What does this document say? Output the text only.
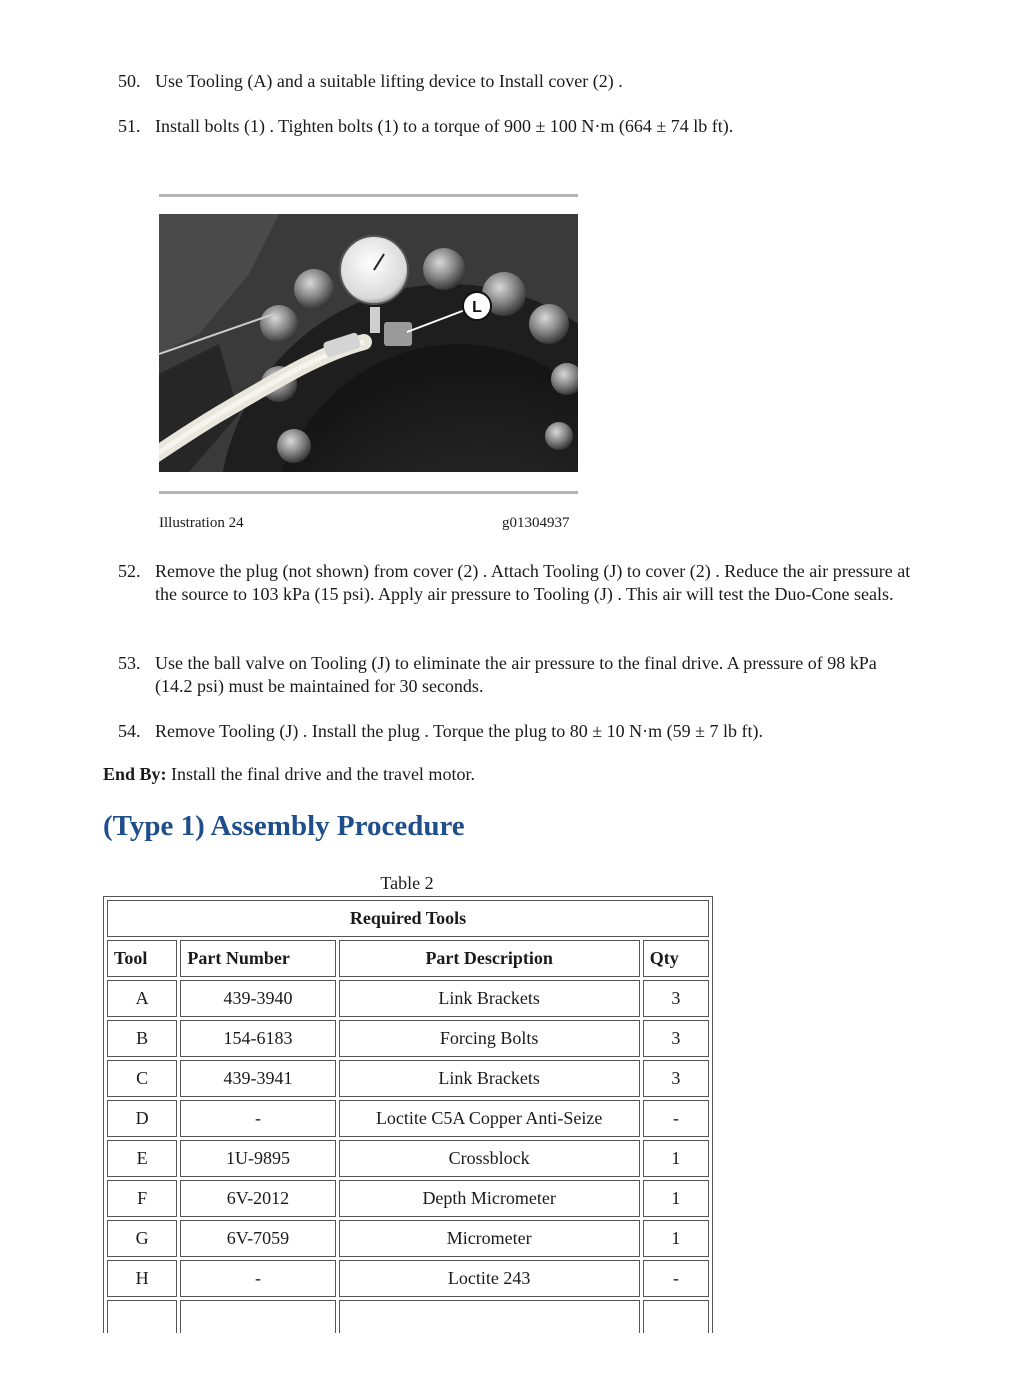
50. Use Tooling (A) and a suitable lifting device to Install cover (2) .
51. Install bolts (1) . Tighten bolts (1) to a torque of 900 ± 100 N·m (664 ± 74 lb ft).
L
Illustration 24	g01304937
52. Remove the plug (not shown) from cover (2) . Attach Tooling (J) to cover (2) . Reduce the air pressure at the source to 103 kPa (15 psi). Apply air pressure to Tooling (J) . This air will test the Duo-Cone seals.
53. Use the ball valve on Tooling (J) to eliminate the air pressure to the final drive. A pressure of 98 kPa (14.2 psi) must be maintained for 30 seconds.
54. Remove Tooling (J) . Install the plug . Torque the plug to 80 ± 10 N·m (59 ± 7 lb ft).
End By: Install the final drive and the travel motor.
(Type 1) Assembly Procedure
Table 2
Required Tools			
Tool	Part Number	Part Description	Qty
A	439-3940	Link Brackets	3
B	154-6183	Forcing Bolts	3
C	439-3941	Link Brackets	3
D	-	Loctite C5A Copper Anti-Seize	-
E	1U-9895	Crossblock	1
F	6V-2012	Depth Micrometer	1
G	6V-7059	Micrometer	1
H	-	Loctite 243	-
